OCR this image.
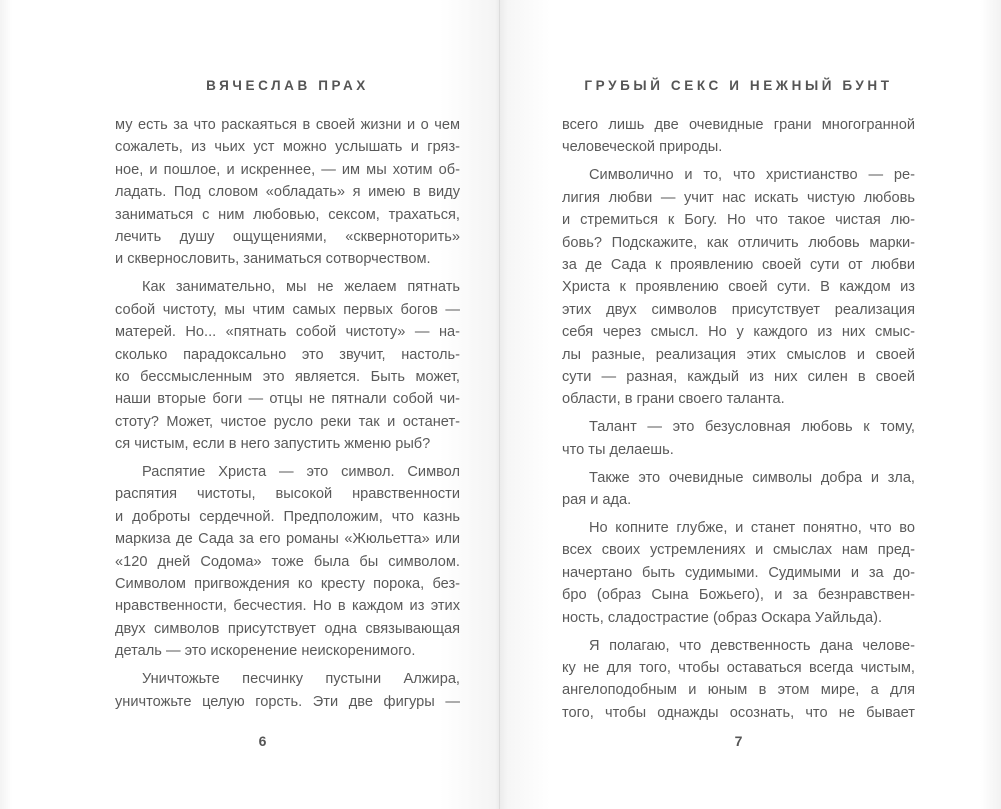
ВЯЧЕСЛАВ ПРАХ
му есть за что раскаяться в своей жизни и о чем
сожалеть, из чьих уст можно услышать и гряз-
ное, и пошлое, и искреннее, — им мы хотим об-
ладать. Под словом «обладать» я имею в виду
заниматься с ним любовью, сексом, трахаться,
лечить душу ощущениями, «скверноторить»
и сквернословить, заниматься сотворчеством.
Как занимательно, мы не желаем пятнать
собой чистоту, мы чтим самых первых богов —
матерей. Но... «пятнать собой чистоту» — на-
сколько парадоксально это звучит, настоль-
ко бессмысленным это является. Быть может,
наши вторые боги — отцы не пятнали собой чи-
стоту? Может, чистое русло реки так и останет-
ся чистым, если в него запустить жменю рыб?
Распятие Христа — это символ. Символ
распятия чистоты, высокой нравственности
и доброты сердечной. Предположим, что казнь
маркиза де Сада за его романы «Жюльетта» или
«120 дней Содома» тоже была бы символом.
Символом пригвождения ко кресту порока, без-
нравственности, бесчестия. Но в каждом из этих
двух символов присутствует одна связывающая
деталь — это искоренение неискоренимого.
Уничтожьте песчинку пустыни Алжира,
уничтожьте целую горсть. Эти две фигуры —
6
ГРУБЫЙ СЕКС И НЕЖНЫЙ БУНТ
всего лишь две очевидные грани многогранной
человеческой природы.
Символично и то, что христианство — ре-
лигия любви — учит нас искать чистую любовь
и стремиться к Богу. Но что такое чистая лю-
бовь? Подскажите, как отличить любовь марки-
за де Сада к проявлению своей сути от любви
Христа к проявлению своей сути. В каждом из
этих двух символов присутствует реализация
себя через смысл. Но у каждого из них смыс-
лы разные, реализация этих смыслов и своей
сути — разная, каждый из них силен в своей
области, в грани своего таланта.
Талант — это безусловная любовь к тому,
что ты делаешь.
Также это очевидные символы добра и зла,
рая и ада.
Но копните глубже, и станет понятно, что во
всех своих устремлениях и смыслах нам пред-
начертано быть судимыми. Судимыми и за до-
бро (образ Сына Божьего), и за безнравствен-
ность, сладострастие (образ Оскара Уайльда).
Я полагаю, что девственность дана челове-
ку не для того, чтобы оставаться всегда чистым,
ангелоподобным и юным в этом мире, а для
того, чтобы однажды осознать, что не бывает
7
